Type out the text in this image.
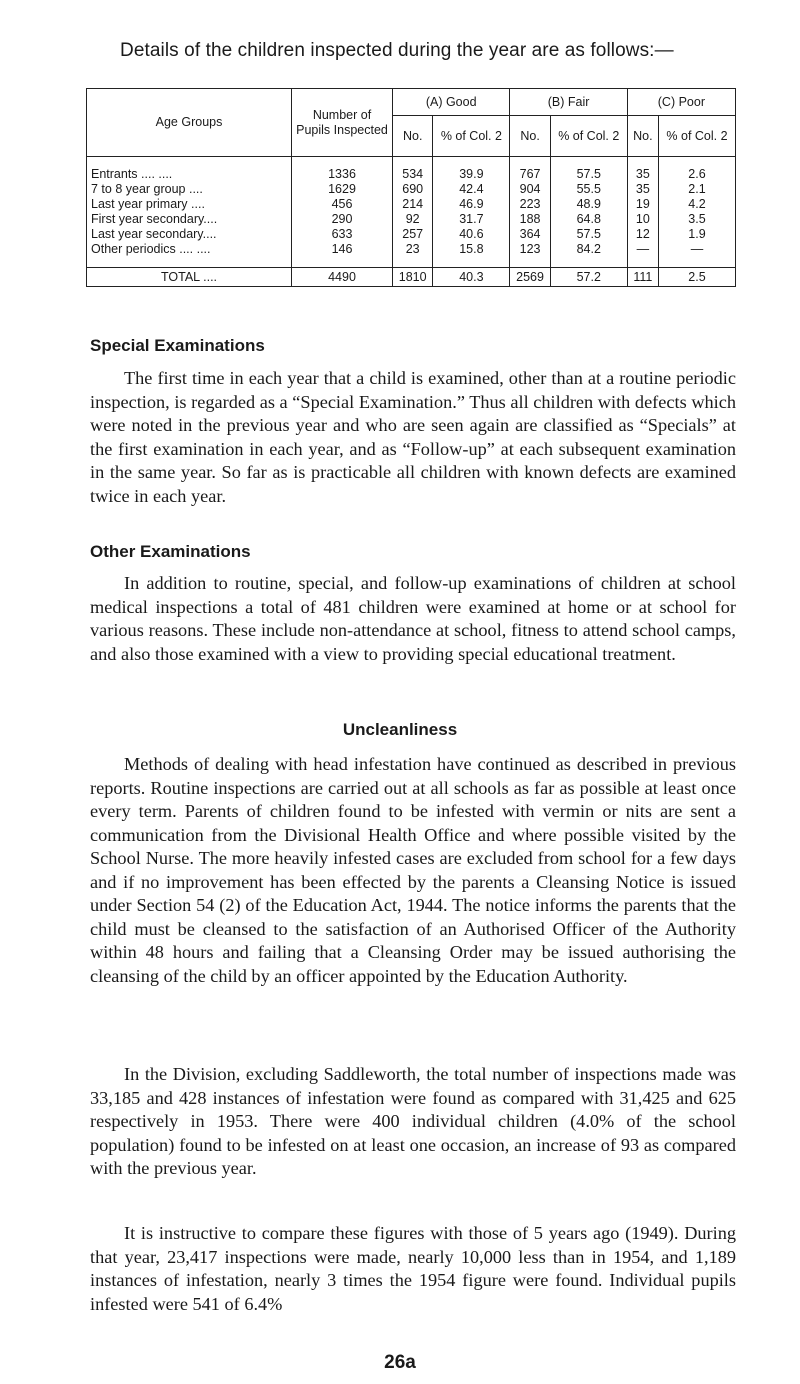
Details of the children inspected during the year are as follows:—
Age Groups	Number of Pupils Inspected	(A) Good		(B) Fair		(C) Poor	
		No.	% of Col. 2	No.	% of Col. 2	No.	% of Col. 2
Entrants .... ....	1336	534	39.9	767	57.5	35	2.6
7 to 8 year group ....	1629	690	42.4	904	55.5	35	2.1
Last year primary ....	456	214	46.9	223	48.9	19	4.2
First year secondary....	290	92	31.7	188	64.8	10	3.5
Last year secondary....	633	257	40.6	364	57.5	12	1.9
Other periodics .... ....	146	23	15.8	123	84.2	—	—
TOTAL ....	4490	1810	40.3	2569	57.2	111	2.5
Special Examinations
The first time in each year that a child is examined, other than at a routine periodic inspection, is regarded as a “Special Examination.” Thus all children with defects which were noted in the previous year and who are seen again are classified as “Specials” at the first examination in each year, and as “Follow-up” at each subsequent examination in the same year. So far as is practicable all children with known defects are examined twice in each year.
Other Examinations
In addition to routine, special, and follow-up examinations of children at school medical inspections a total of 481 children were examined at home or at school for various reasons. These include non-attendance at school, fitness to attend school camps, and also those examined with a view to providing special educational treatment.
Uncleanliness
Methods of dealing with head infestation have continued as described in previous reports. Routine inspections are carried out at all schools as far as possible at least once every term. Parents of children found to be infested with vermin or nits are sent a communication from the Divisional Health Office and where possible visited by the School Nurse. The more heavily infested cases are excluded from school for a few days and if no improvement has been effected by the parents a Cleansing Notice is issued under Section 54 (2) of the Education Act, 1944. The notice informs the parents that the child must be cleansed to the satisfaction of an Authorised Officer of the Authority within 48 hours and failing that a Cleansing Order may be issued authorising the cleansing of the child by an officer appointed by the Education Authority.
In the Division, excluding Saddleworth, the total number of inspections made was 33,185 and 428 instances of infestation were found as compared with 31,425 and 625 respectively in 1953. There were 400 individual children (4.0% of the school population) found to be infested on at least one occasion, an increase of 93 as compared with the previous year.
It is instructive to compare these figures with those of 5 years ago (1949). During that year, 23,417 inspections were made, nearly 10,000 less than in 1954, and 1,189 instances of infestation, nearly 3 times the 1954 figure were found. Individual pupils infested were 541 of 6.4%
26a
